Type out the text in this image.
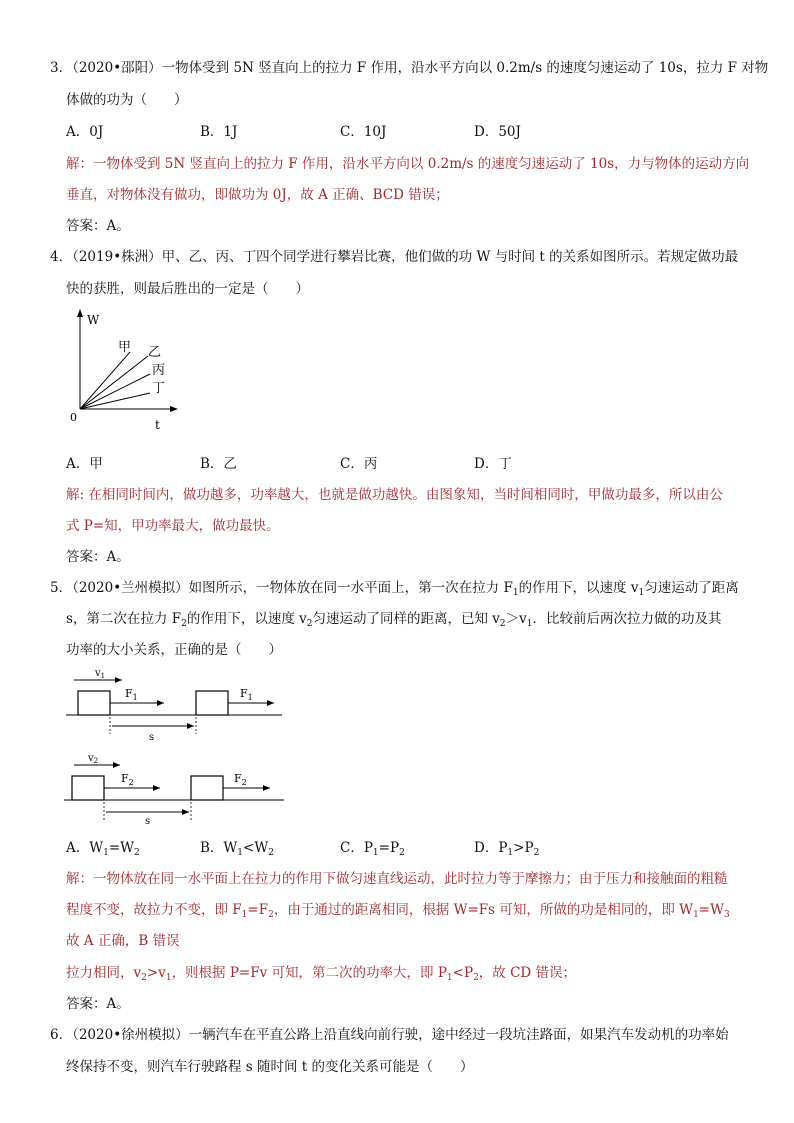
3．（2020•邵阳）一物体受到 5N 竖直向上的拉力 F 作用，沿水平方向以 0.2m/s 的速度匀速运动了 10s，拉力 F 对物
体做的功为（　　）
A．0J	B．1J	C．10J	D．50J
解：一物体受到 5N 竖直向上的拉力 F 作用，沿水平方向以 0.2m/s 的速度匀速运动了 10s，力与物体的运动方向
垂直，对物体没有做功，即做功为 0J，故 A 正确、BCD 错误；
答案：A。
4．（2019•株洲）甲、乙、丙、丁四个同学进行攀岩比赛，他们做的功 W 与时间 t 的关系如图所示。若规定做功最
快的获胜，则最后胜出的一定是（　　）
W
t
0
甲 乙
丙
丁
A．甲	B．乙	C．丙	D．丁
解: 在相同时间内，做功越多，功率越大，也就是做功越快。由图象知，当时间相同时，甲做功最多，所以由公
式 P=知，甲功率最大，做功最快。
答案：A。
5．（2020•兰州模拟）如图所示，一物体放在同一水平面上，第一次在拉力 $F_1$的作用下，以速度 $v_1$匀速运动了距离
s，第二次在拉力 $F_2$的作用下，以速度 $v_2$匀速运动了同样的距离，已知 $v_2>v_1$．比较前后两次拉力做的功及其
功率的大小关系，正确的是（　　）
$v_1$
$F_1$	$F_1$
s
$v_2$
$F_2$	$F_2$
s
A．$W_1=W_2$	B．$W_1<W_2$	C．$P_1=P_2$	D．$P_1>P_2$
解：一物体放在同一水平面上在拉力的作用下做匀速直线运动，此时拉力等于摩擦力；由于压力和接触面的粗糙
程度不变，故拉力不变，即 $F_1=F_2$，由于通过的距离相同，根据 W=Fs 可知，所做的功是相同的，即 $W_1=W_3$
故 A 正确，B 错误
拉力相同，$v_2>v_1$，则根据 P=Fv 可知，第二次的功率大，即 $P_1<P_2$，故 CD 错误；
答案：A。
6．（2020•徐州模拟）一辆汽车在平直公路上沿直线向前行驶，途中经过一段坑洼路面，如果汽车发动机的功率始
终保持不变，则汽车行驶路程 s 随时间 t 的变化关系可能是（　　）
